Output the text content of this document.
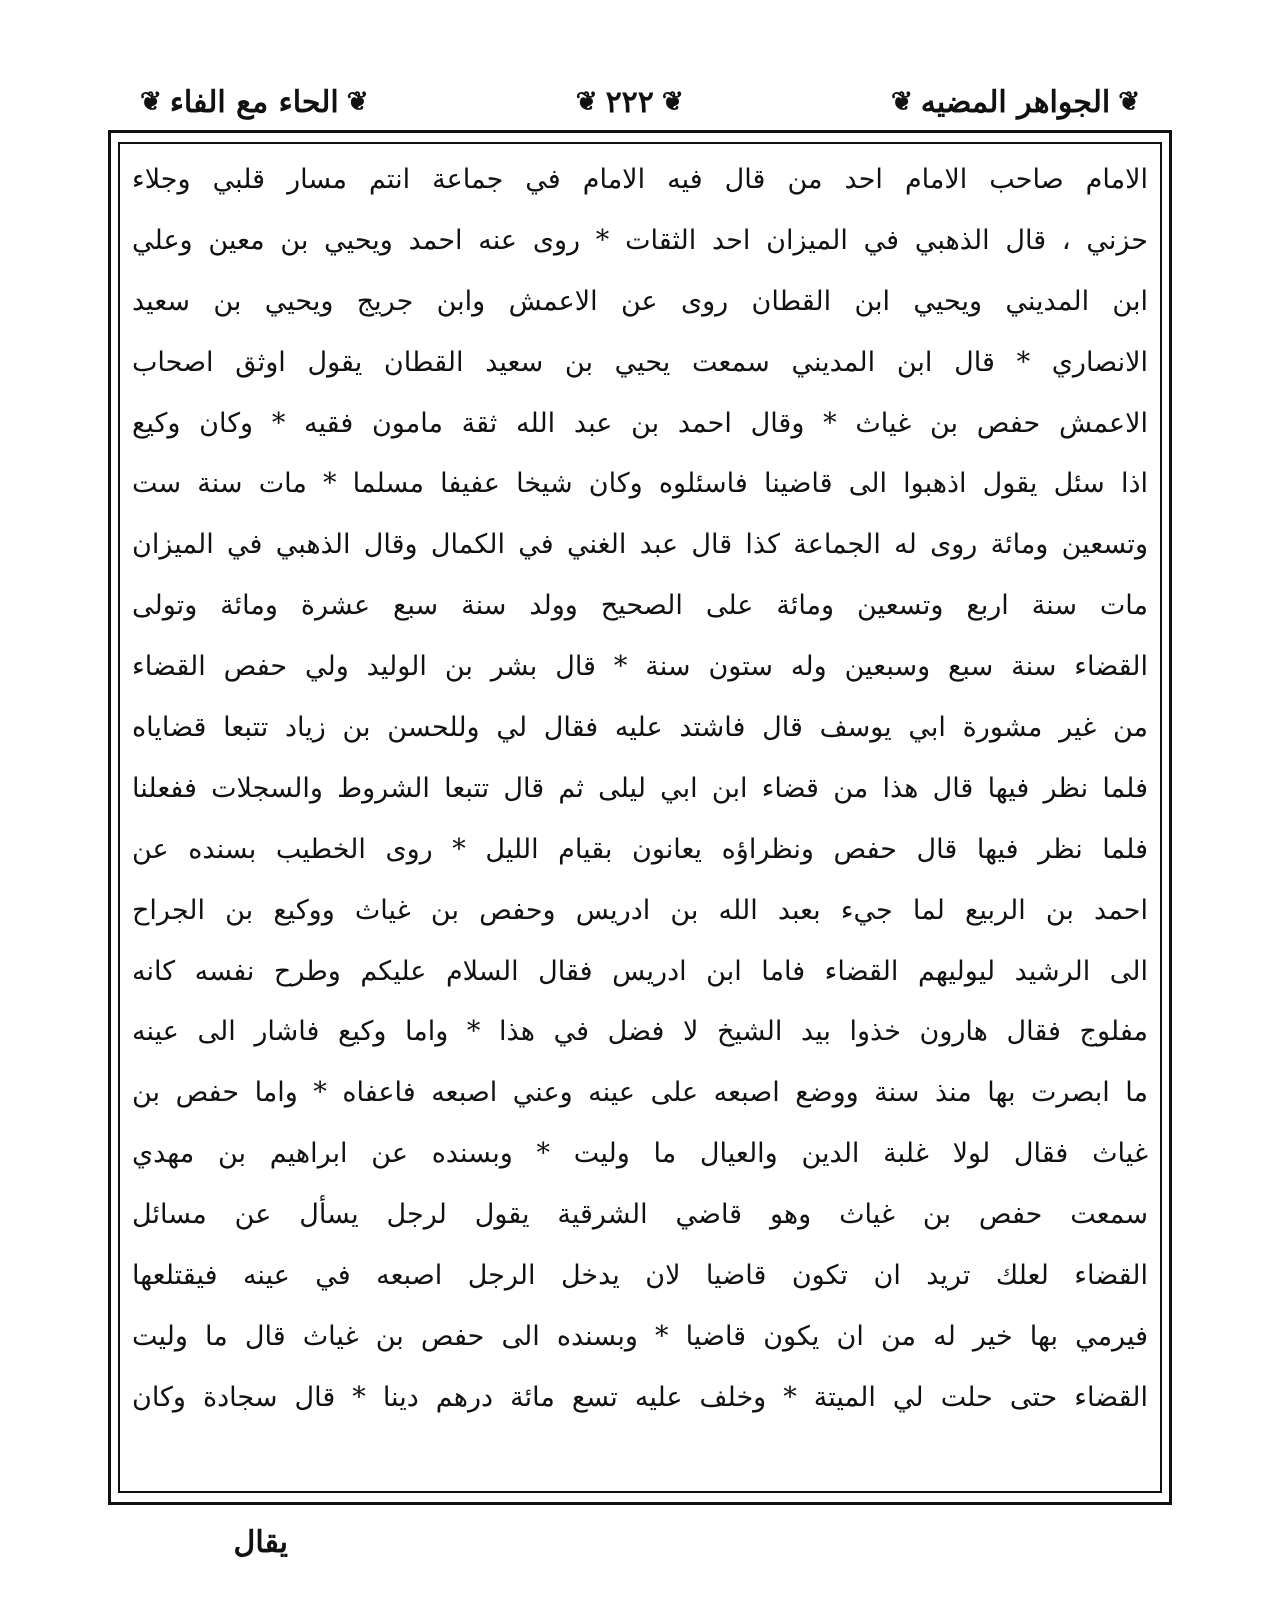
❦
الجواهر المضيه
❦
❦
٢٢٢
❦
❦
الحاء مع الفاء
❦
الامام صاحب الامام احد من قال فيه الامام في جماعة انتم مسار قلبي وجلاء
حزني ، قال الذهبي في الميزان احد الثقات * روى عنه احمد ويحيي بن معين وعلي
ابن المديني ويحيي ابن القطان روى عن الاعمش وابن جريج ويحيي بن سعيد
الانصاري * قال ابن المديني سمعت يحيي بن سعيد القطان يقول اوثق اصحاب
الاعمش حفص بن غياث * وقال احمد بن عبد الله ثقة مامون فقيه * وكان وكيع
اذا سئل يقول اذهبوا الى قاضينا فاسئلوه وكان شيخا عفيفا مسلما * مات سنة ست
وتسعين ومائة روى له الجماعة كذا قال عبد الغني في الكمال وقال الذهبي في الميزان
مات سنة اربع وتسعين ومائة على الصحيح وولد سنة سبع عشرة ومائة وتولى
القضاء سنة سبع وسبعين وله ستون سنة * قال بشر بن الوليد ولي حفص القضاء
من غير مشورة ابي يوسف قال فاشتد عليه فقال لي وللحسن بن زياد تتبعا قضاياه
فلما نظر فيها قال هذا من قضاء ابن ابي ليلى ثم قال تتبعا الشروط والسجلات ففعلنا
فلما نظر فيها قال حفص ونظراؤه يعانون بقيام الليل * روى الخطيب بسنده عن
احمد بن الربيع لما جيء بعبد الله بن ادريس وحفص بن غياث ووكيع بن الجراح
الى الرشيد ليوليهم القضاء فاما ابن ادريس فقال السلام عليكم وطرح نفسه كانه
مفلوج فقال هارون خذوا بيد الشيخ لا فضل في هذا * واما وكيع فاشار الى عينه
ما ابصرت بها منذ سنة ووضع اصبعه على عينه وعني اصبعه فاعفاه * واما حفص بن
غياث فقال لولا غلبة الدين والعيال ما وليت * وبسنده عن ابراهيم بن مهدي
سمعت حفص بن غياث وهو قاضي الشرقية يقول لرجل يسأل عن مسائل
القضاء لعلك تريد ان تكون قاضيا لان يدخل الرجل اصبعه في عينه فيقتلعها
فيرمي بها خير له من ان يكون قاضيا * وبسنده الى حفص بن غياث قال ما وليت
القضاء حتى حلت لي الميتة * وخلف عليه تسع مائة درهم دينا * قال سجادة وكان
يقال
